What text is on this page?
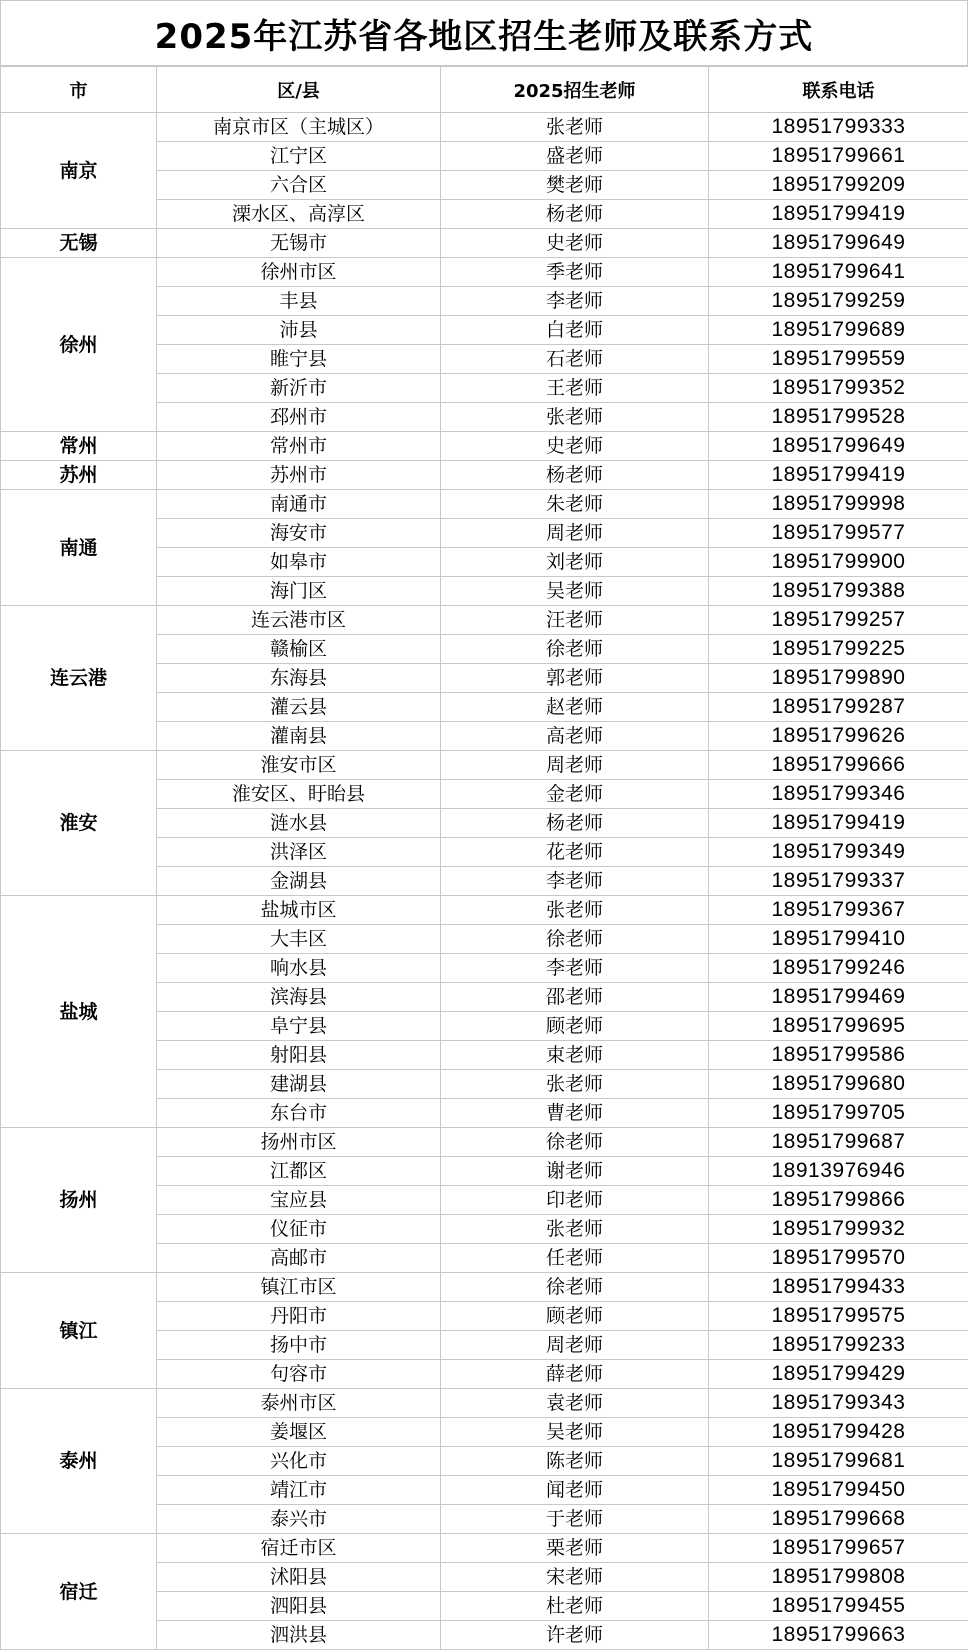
2025年江苏省各地区招生老师及联系方式
市	区/县	2025招生老师	联系电话
南京	南京市区（主城区）	张老师	18951799333
	江宁区	盛老师	18951799661
	六合区	樊老师	18951799209
	溧水区、高淳区	杨老师	18951799419
无锡	无锡市	史老师	18951799649
徐州	徐州市区	季老师	18951799641
	丰县	李老师	18951799259
	沛县	白老师	18951799689
	睢宁县	石老师	18951799559
	新沂市	王老师	18951799352
	邳州市	张老师	18951799528
常州	常州市	史老师	18951799649
苏州	苏州市	杨老师	18951799419
南通	南通市	朱老师	18951799998
	海安市	周老师	18951799577
	如皋市	刘老师	18951799900
	海门区	吴老师	18951799388
连云港	连云港市区	汪老师	18951799257
	赣榆区	徐老师	18951799225
	东海县	郭老师	18951799890
	灌云县	赵老师	18951799287
	灌南县	高老师	18951799626
淮安	淮安市区	周老师	18951799666
	淮安区、盱眙县	金老师	18951799346
	涟水县	杨老师	18951799419
	洪泽区	花老师	18951799349
	金湖县	李老师	18951799337
盐城	盐城市区	张老师	18951799367
	大丰区	徐老师	18951799410
	响水县	李老师	18951799246
	滨海县	邵老师	18951799469
	阜宁县	顾老师	18951799695
	射阳县	束老师	18951799586
	建湖县	张老师	18951799680
	东台市	曹老师	18951799705
扬州	扬州市区	徐老师	18951799687
	江都区	谢老师	18913976946
	宝应县	印老师	18951799866
	仪征市	张老师	18951799932
	高邮市	任老师	18951799570
镇江	镇江市区	徐老师	18951799433
	丹阳市	顾老师	18951799575
	扬中市	周老师	18951799233
	句容市	薛老师	18951799429
泰州	泰州市区	袁老师	18951799343
	姜堰区	吴老师	18951799428
	兴化市	陈老师	18951799681
	靖江市	闻老师	18951799450
	泰兴市	于老师	18951799668
宿迁	宿迁市区	栗老师	18951799657
	沭阳县	宋老师	18951799808
	泗阳县	杜老师	18951799455
	泗洪县	许老师	18951799663
